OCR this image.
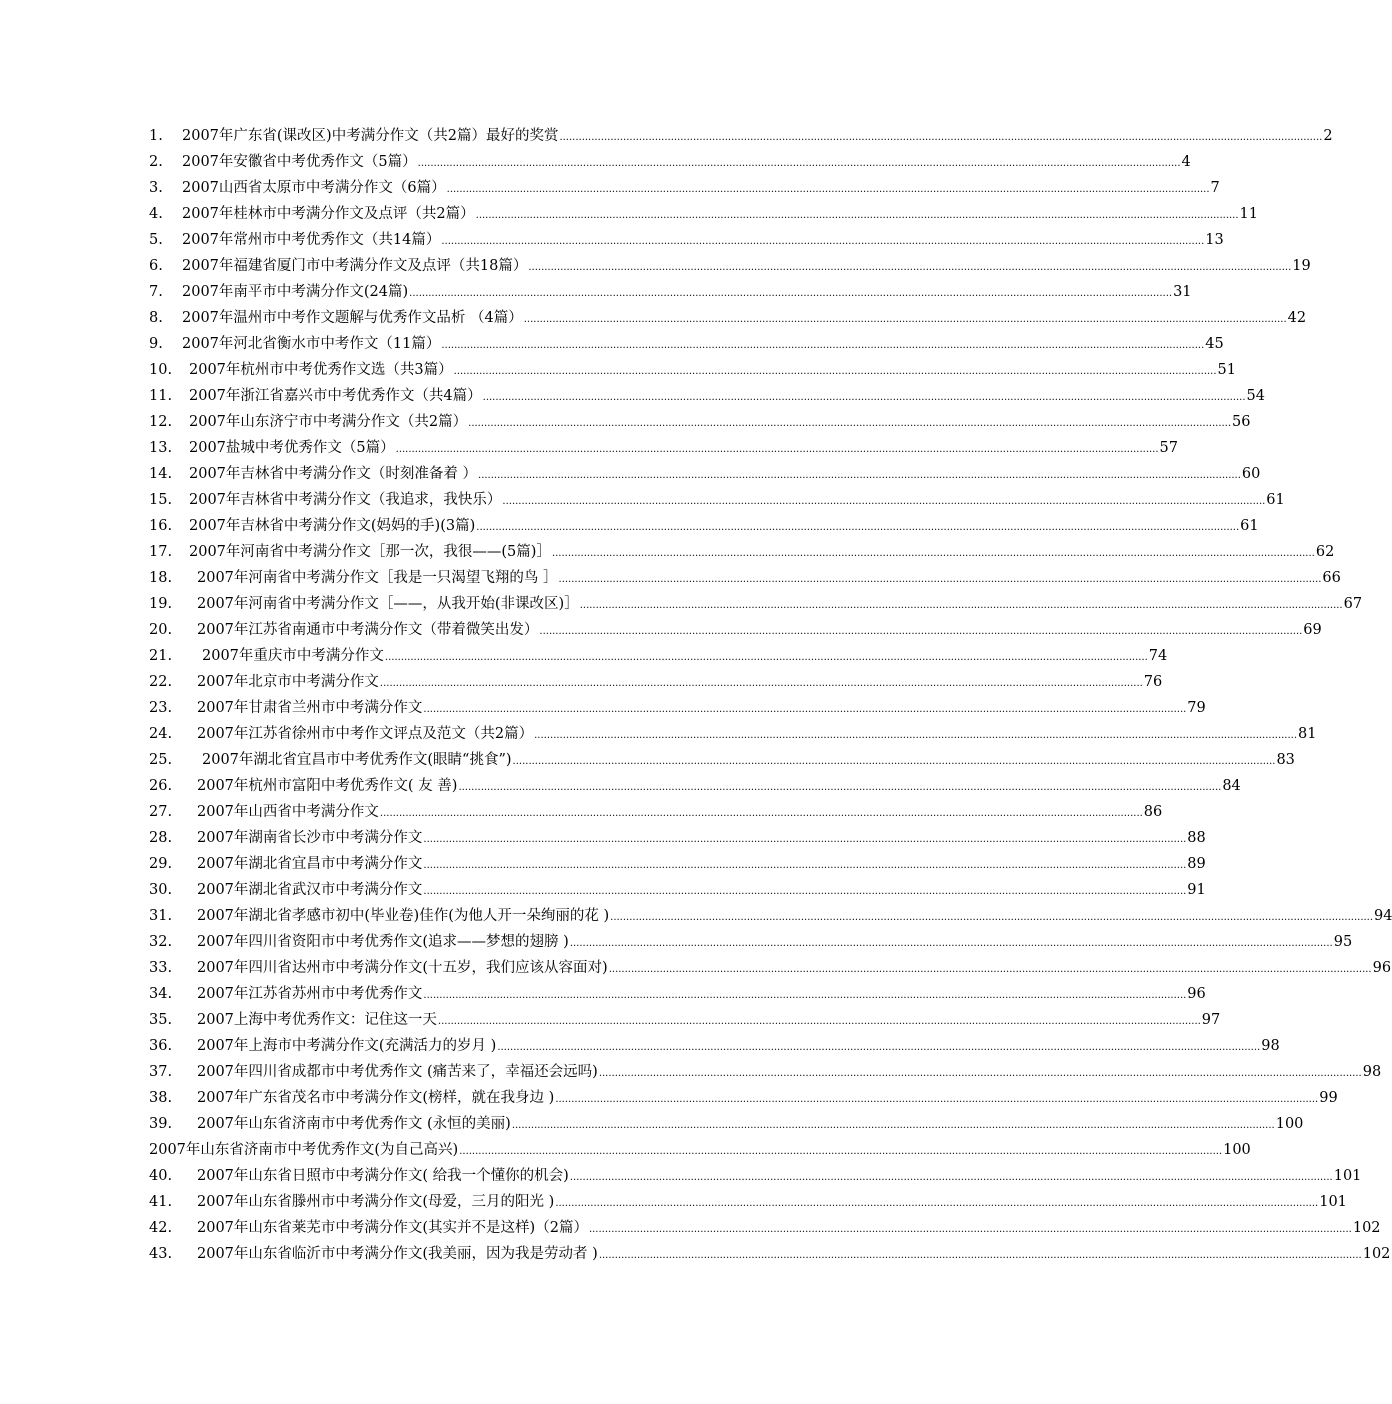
1.	2007年广东省(课改区)中考满分作文（共2篇）最好的奖赏 .....	2
2.	2007年安徽省中考优秀作文（5篇） .....	4
3.	2007山西省太原市中考满分作文（6篇） .....	7
4.	2007年桂林市中考满分作文及点评（共2篇） .....	11
5.	2007年常州市中考优秀作文（共14篇） .....	13
6.	2007年福建省厦门市中考满分作文及点评（共18篇） .....	19
7.	2007年南平市中考满分作文(24篇) .....	31
8.	2007年温州市中考作文题解与优秀作文品析 （4篇） .....	42
9.	2007年河北省衡水市中考作文（11篇） .....	45
10.	2007年杭州市中考优秀作文选（共3篇） .....	51
11.	2007年浙江省嘉兴市中考优秀作文（共4篇） .....	54
12.	2007年山东济宁市中考满分作文（共2篇） .....	56
13.	2007盐城中考优秀作文（5篇） .....	57
14.	2007年吉林省中考满分作文（时刻准备着 ） .....	60
15.	2007年吉林省中考满分作文（我追求，我快乐） .....	61
16.	2007年吉林省中考满分作文(妈妈的手)(3篇) .....	61
17.	2007年河南省中考满分作文［那一次，我很——(5篇)］ .....	62
18.	2007年河南省中考满分作文［我是一只渴望飞翔的鸟 ］ .....	66
19.	2007年河南省中考满分作文［——，从我开始(非课改区)］ .....	67
20.	2007年江苏省南通市中考满分作文（带着微笑出发） .....	69
21.	2007年重庆市中考满分作文 .....	74
22.	2007年北京市中考满分作文 .....	76
23.	2007年甘肃省兰州市中考满分作文 .....	79
24.	2007年江苏省徐州市中考作文评点及范文（共2篇） .....	81
25.	2007年湖北省宜昌市中考优秀作文(眼睛“挑食”) .....	83
26.	2007年杭州市富阳中考优秀作文( 友 善) .....	84
27.	2007年山西省中考满分作文 .....	86
28.	2007年湖南省长沙市中考满分作文 .....	88
29.	2007年湖北省宜昌市中考满分作文 .....	89
30.	2007年湖北省武汉市中考满分作文 .....	91
31.	2007年湖北省孝感市初中(毕业卷)佳作(为他人开一朵绚丽的花 ) .....	94
32.	2007年四川省资阳市中考优秀作文(追求——梦想的翅膀 ) .....	95
33.	2007年四川省达州市中考满分作文(十五岁，我们应该从容面对) .....	96
34.	2007年江苏省苏州市中考优秀作文 .....	96
35.	2007上海中考优秀作文：记住这一天 .....	97
36.	2007年上海市中考满分作文(充满活力的岁月 ) .....	98
37.	2007年四川省成都市中考优秀作文 (痛苦来了，幸福还会远吗) .....	98
38.	2007年广东省茂名市中考满分作文(榜样，就在我身边 ) .....	99
39.	2007年山东省济南市中考优秀作文 (永恒的美丽) .....	100
2007年山东省济南市中考优秀作文(为自己高兴) .....	100
40.	2007年山东省日照市中考满分作文( 给我一个懂你的机会) .....	101
41.	2007年山东省滕州市中考满分作文(母爱，三月的阳光 ) .....	101
42.	2007年山东省莱芜市中考满分作文(其实并不是这样)（2篇） .....	102
43.	2007年山东省临沂市中考满分作文(我美丽，因为我是劳动者 ) .....	102
